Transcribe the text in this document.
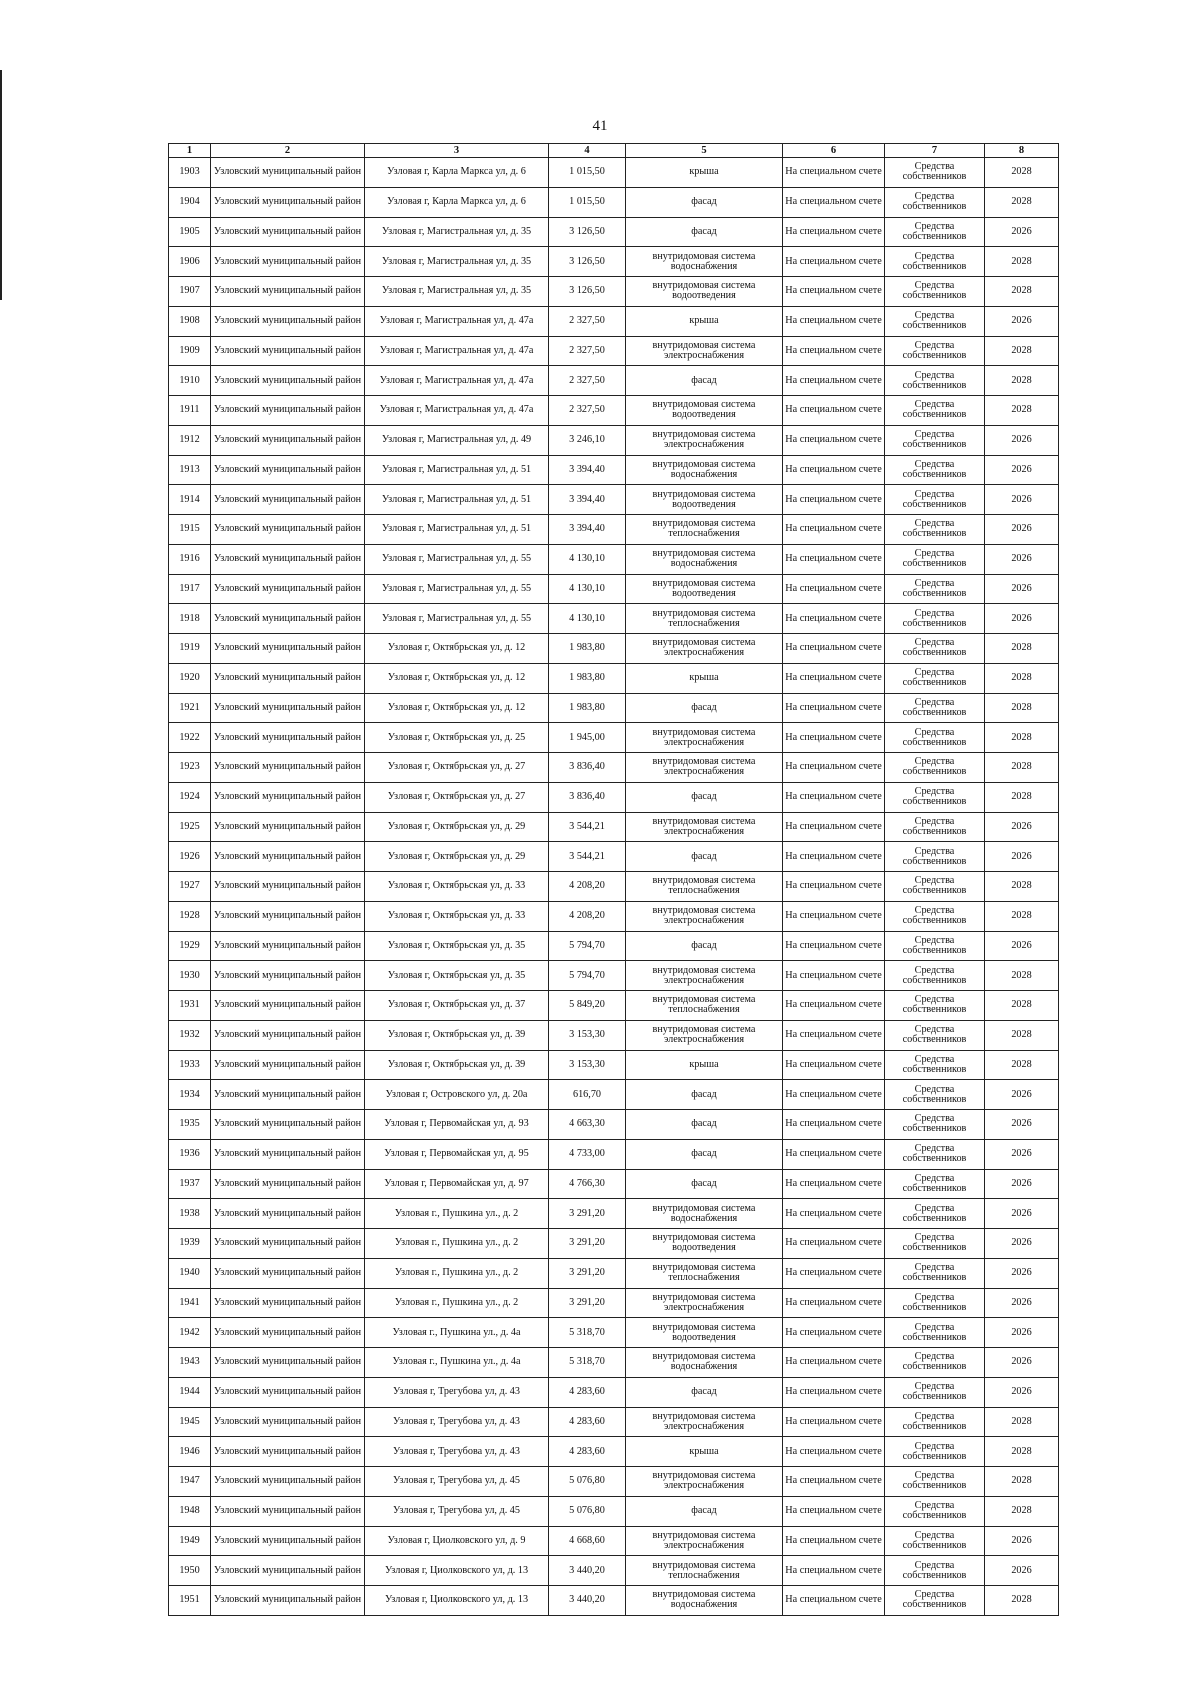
41
1	2	3	4	5	6	7	8
1903	Узловский муниципальный район	Узловая г, Карла Маркса ул, д. 6	1 015,50	крыша	На специальном счете	Средства собственников	2028
1904	Узловский муниципальный район	Узловая г, Карла Маркса ул, д. 6	1 015,50	фасад	На специальном счете	Средства собственников	2028
1905	Узловский муниципальный район	Узловая г, Магистральная ул, д. 35	3 126,50	фасад	На специальном счете	Средства собственников	2026
1906	Узловский муниципальный район	Узловая г, Магистральная ул, д. 35	3 126,50	внутридомовая система водоснабжения	На специальном счете	Средства собственников	2028
1907	Узловский муниципальный район	Узловая г, Магистральная ул, д. 35	3 126,50	внутридомовая система водоотведения	На специальном счете	Средства собственников	2028
1908	Узловский муниципальный район	Узловая г, Магистральная ул, д. 47а	2 327,50	крыша	На специальном счете	Средства собственников	2026
1909	Узловский муниципальный район	Узловая г, Магистральная ул, д. 47а	2 327,50	внутридомовая система электроснабжения	На специальном счете	Средства собственников	2028
1910	Узловский муниципальный район	Узловая г, Магистральная ул, д. 47а	2 327,50	фасад	На специальном счете	Средства собственников	2028
1911	Узловский муниципальный район	Узловая г, Магистральная ул, д. 47а	2 327,50	внутридомовая система водоотведения	На специальном счете	Средства собственников	2028
1912	Узловский муниципальный район	Узловая г, Магистральная ул, д. 49	3 246,10	внутридомовая система электроснабжения	На специальном счете	Средства собственников	2026
1913	Узловский муниципальный район	Узловая г, Магистральная ул, д. 51	3 394,40	внутридомовая система водоснабжения	На специальном счете	Средства собственников	2026
1914	Узловский муниципальный район	Узловая г, Магистральная ул, д. 51	3 394,40	внутридомовая система водоотведения	На специальном счете	Средства собственников	2026
1915	Узловский муниципальный район	Узловая г, Магистральная ул, д. 51	3 394,40	внутридомовая система теплоснабжения	На специальном счете	Средства собственников	2026
1916	Узловский муниципальный район	Узловая г, Магистральная ул, д. 55	4 130,10	внутридомовая система водоснабжения	На специальном счете	Средства собственников	2026
1917	Узловский муниципальный район	Узловая г, Магистральная ул, д. 55	4 130,10	внутридомовая система водоотведения	На специальном счете	Средства собственников	2026
1918	Узловский муниципальный район	Узловая г, Магистральная ул, д. 55	4 130,10	внутридомовая система теплоснабжения	На специальном счете	Средства собственников	2026
1919	Узловский муниципальный район	Узловая г, Октябрьская ул, д. 12	1 983,80	внутридомовая система электроснабжения	На специальном счете	Средства собственников	2028
1920	Узловский муниципальный район	Узловая г, Октябрьская ул, д. 12	1 983,80	крыша	На специальном счете	Средства собственников	2028
1921	Узловский муниципальный район	Узловая г, Октябрьская ул, д. 12	1 983,80	фасад	На специальном счете	Средства собственников	2028
1922	Узловский муниципальный район	Узловая г, Октябрьская ул, д. 25	1 945,00	внутридомовая система электроснабжения	На специальном счете	Средства собственников	2028
1923	Узловский муниципальный район	Узловая г, Октябрьская ул, д. 27	3 836,40	внутридомовая система электроснабжения	На специальном счете	Средства собственников	2028
1924	Узловский муниципальный район	Узловая г, Октябрьская ул, д. 27	3 836,40	фасад	На специальном счете	Средства собственников	2028
1925	Узловский муниципальный район	Узловая г, Октябрьская ул, д. 29	3 544,21	внутридомовая система электроснабжения	На специальном счете	Средства собственников	2026
1926	Узловский муниципальный район	Узловая г, Октябрьская ул, д. 29	3 544,21	фасад	На специальном счете	Средства собственников	2026
1927	Узловский муниципальный район	Узловая г, Октябрьская ул, д. 33	4 208,20	внутридомовая система теплоснабжения	На специальном счете	Средства собственников	2028
1928	Узловский муниципальный район	Узловая г, Октябрьская ул, д. 33	4 208,20	внутридомовая система электроснабжения	На специальном счете	Средства собственников	2028
1929	Узловский муниципальный район	Узловая г, Октябрьская ул, д. 35	5 794,70	фасад	На специальном счете	Средства собственников	2026
1930	Узловский муниципальный район	Узловая г, Октябрьская ул, д. 35	5 794,70	внутридомовая система электроснабжения	На специальном счете	Средства собственников	2028
1931	Узловский муниципальный район	Узловая г, Октябрьская ул, д. 37	5 849,20	внутридомовая система теплоснабжения	На специальном счете	Средства собственников	2028
1932	Узловский муниципальный район	Узловая г, Октябрьская ул, д. 39	3 153,30	внутридомовая система электроснабжения	На специальном счете	Средства собственников	2028
1933	Узловский муниципальный район	Узловая г, Октябрьская ул, д. 39	3 153,30	крыша	На специальном счете	Средства собственников	2028
1934	Узловский муниципальный район	Узловая г, Островского ул, д. 20а	616,70	фасад	На специальном счете	Средства собственников	2026
1935	Узловский муниципальный район	Узловая г, Первомайская ул, д. 93	4 663,30	фасад	На специальном счете	Средства собственников	2026
1936	Узловский муниципальный район	Узловая г, Первомайская ул, д. 95	4 733,00	фасад	На специальном счете	Средства собственников	2026
1937	Узловский муниципальный район	Узловая г, Первомайская ул, д. 97	4 766,30	фасад	На специальном счете	Средства собственников	2026
1938	Узловский муниципальный район	Узловая г., Пушкина ул., д. 2	3 291,20	внутридомовая система водоснабжения	На специальном счете	Средства собственников	2026
1939	Узловский муниципальный район	Узловая г., Пушкина ул., д. 2	3 291,20	внутридомовая система водоотведения	На специальном счете	Средства собственников	2026
1940	Узловский муниципальный район	Узловая г., Пушкина ул., д. 2	3 291,20	внутридомовая система теплоснабжения	На специальном счете	Средства собственников	2026
1941	Узловский муниципальный район	Узловая г., Пушкина ул., д. 2	3 291,20	внутридомовая система электроснабжения	На специальном счете	Средства собственников	2026
1942	Узловский муниципальный район	Узловая г., Пушкина ул., д. 4а	5 318,70	внутридомовая система водоотведения	На специальном счете	Средства собственников	2026
1943	Узловский муниципальный район	Узловая г., Пушкина ул., д. 4а	5 318,70	внутридомовая система водоснабжения	На специальном счете	Средства собственников	2026
1944	Узловский муниципальный район	Узловая г, Трегубова ул, д. 43	4 283,60	фасад	На специальном счете	Средства собственников	2026
1945	Узловский муниципальный район	Узловая г, Трегубова ул, д. 43	4 283,60	внутридомовая система электроснабжения	На специальном счете	Средства собственников	2028
1946	Узловский муниципальный район	Узловая г, Трегубова ул, д. 43	4 283,60	крыша	На специальном счете	Средства собственников	2028
1947	Узловский муниципальный район	Узловая г, Трегубова ул, д. 45	5 076,80	внутридомовая система электроснабжения	На специальном счете	Средства собственников	2028
1948	Узловский муниципальный район	Узловая г, Трегубова ул, д. 45	5 076,80	фасад	На специальном счете	Средства собственников	2028
1949	Узловский муниципальный район	Узловая г, Циолковского ул, д. 9	4 668,60	внутридомовая система электроснабжения	На специальном счете	Средства собственников	2026
1950	Узловский муниципальный район	Узловая г, Циолковского ул, д. 13	3 440,20	внутридомовая система теплоснабжения	На специальном счете	Средства собственников	2026
1951	Узловский муниципальный район	Узловая г, Циолковского ул, д. 13	3 440,20	внутридомовая система водоснабжения	На специальном счете	Средства собственников	2028
